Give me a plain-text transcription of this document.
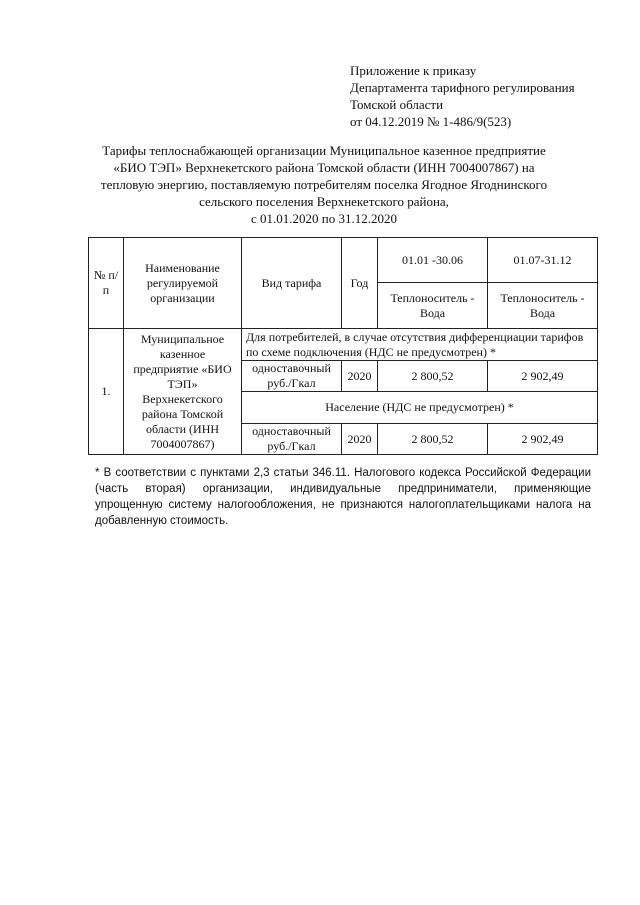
Приложение к приказу
Департамента тарифного регулирования
Томской области
от 04.12.2019 № 1-486/9(523)
Тарифы теплоснабжающей организации Муниципальное казенное предприятие
«БИО ТЭП» Верхнекетского района Томской области (ИНН 7004007867) на
тепловую энергию, поставляемую потребителям поселка Ягодное Ягоднинского
сельского поселения Верхнекетского района,
с 01.01.2020 по 31.12.2020
№ п/п	Наименование регулируемой организации	Вид тарифа	Год	01.01 -30.06	01.07-31.12
				Теплоноситель - Вода	Теплоноситель - Вода
1.	Муниципальное казенное предприятие «БИО ТЭП» Верхнекетского района Томской области (ИНН 7004007867)	Для потребителей, в случае отсутствия дифференциации тарифов по схеме подключения (НДС не предусмотрен) *			
		одноставочный руб./Гкал	2020	2 800,52	2 902,49
		Население (НДС не предусмотрен) *			
		одноставочный руб./Гкал	2020	2 800,52	2 902,49
* В соответствии с пунктами 2,3 статьи 346.11. Налогового кодекса Российской Федерации (часть вторая) организации, индивидуальные предприниматели, применяющие упрощенную систему налогообложения, не признаются налогоплательщиками налога на добавленную стоимость.
